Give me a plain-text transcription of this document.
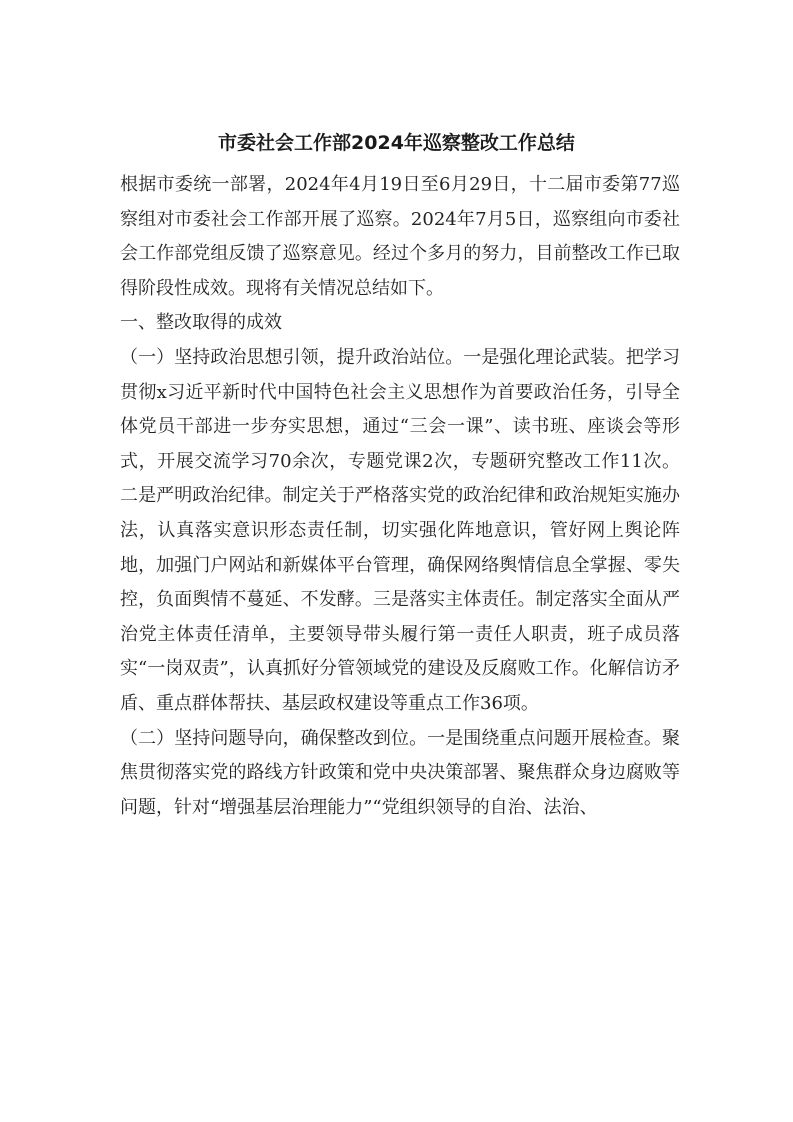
市委社会工作部2024年巡察整改工作总结

根据市委统一部署，2024年4月19日至6月29日，十二届市委第77巡察组对市委社会工作部开展了巡察。2024年7月5日，巡察组向市委社会工作部党组反馈了巡察意见。经过个多月的努力，目前整改工作已取得阶段性成效。现将有关情况总结如下。

一、整改取得的成效

（一）坚持政治思想引领，提升政治站位。一是强化理论武装。把学习贯彻x习近平新时代中国特色社会主义思想作为首要政治任务，引导全体党员干部进一步夯实思想，通过“三会一课”、读书班、座谈会等形式，开展交流学习70余次，专题党课2次，专题研究整改工作11次。二是严明政治纪律。制定关于严格落实党的政治纪律和政治规矩实施办法，认真落实意识形态责任制，切实强化阵地意识，管好网上舆论阵地，加强门户网站和新媒体平台管理，确保网络舆情信息全掌握、零失控，负面舆情不蔓延、不发酵。三是落实主体责任。制定落实全面从严治党主体责任清单，主要领导带头履行第一责任人职责，班子成员落实“一岗双责”，认真抓好分管领域党的建设及反腐败工作。化解信访矛盾、重点群体帮扶、基层政权建设等重点工作36项。

（二）坚持问题导向，确保整改到位。一是围绕重点问题开展检查。聚焦贯彻落实党的路线方针政策和党中央决策部署、聚焦群众身边腐败等问题，针对“增强基层治理能力”“党组织领导的自治、法治、
